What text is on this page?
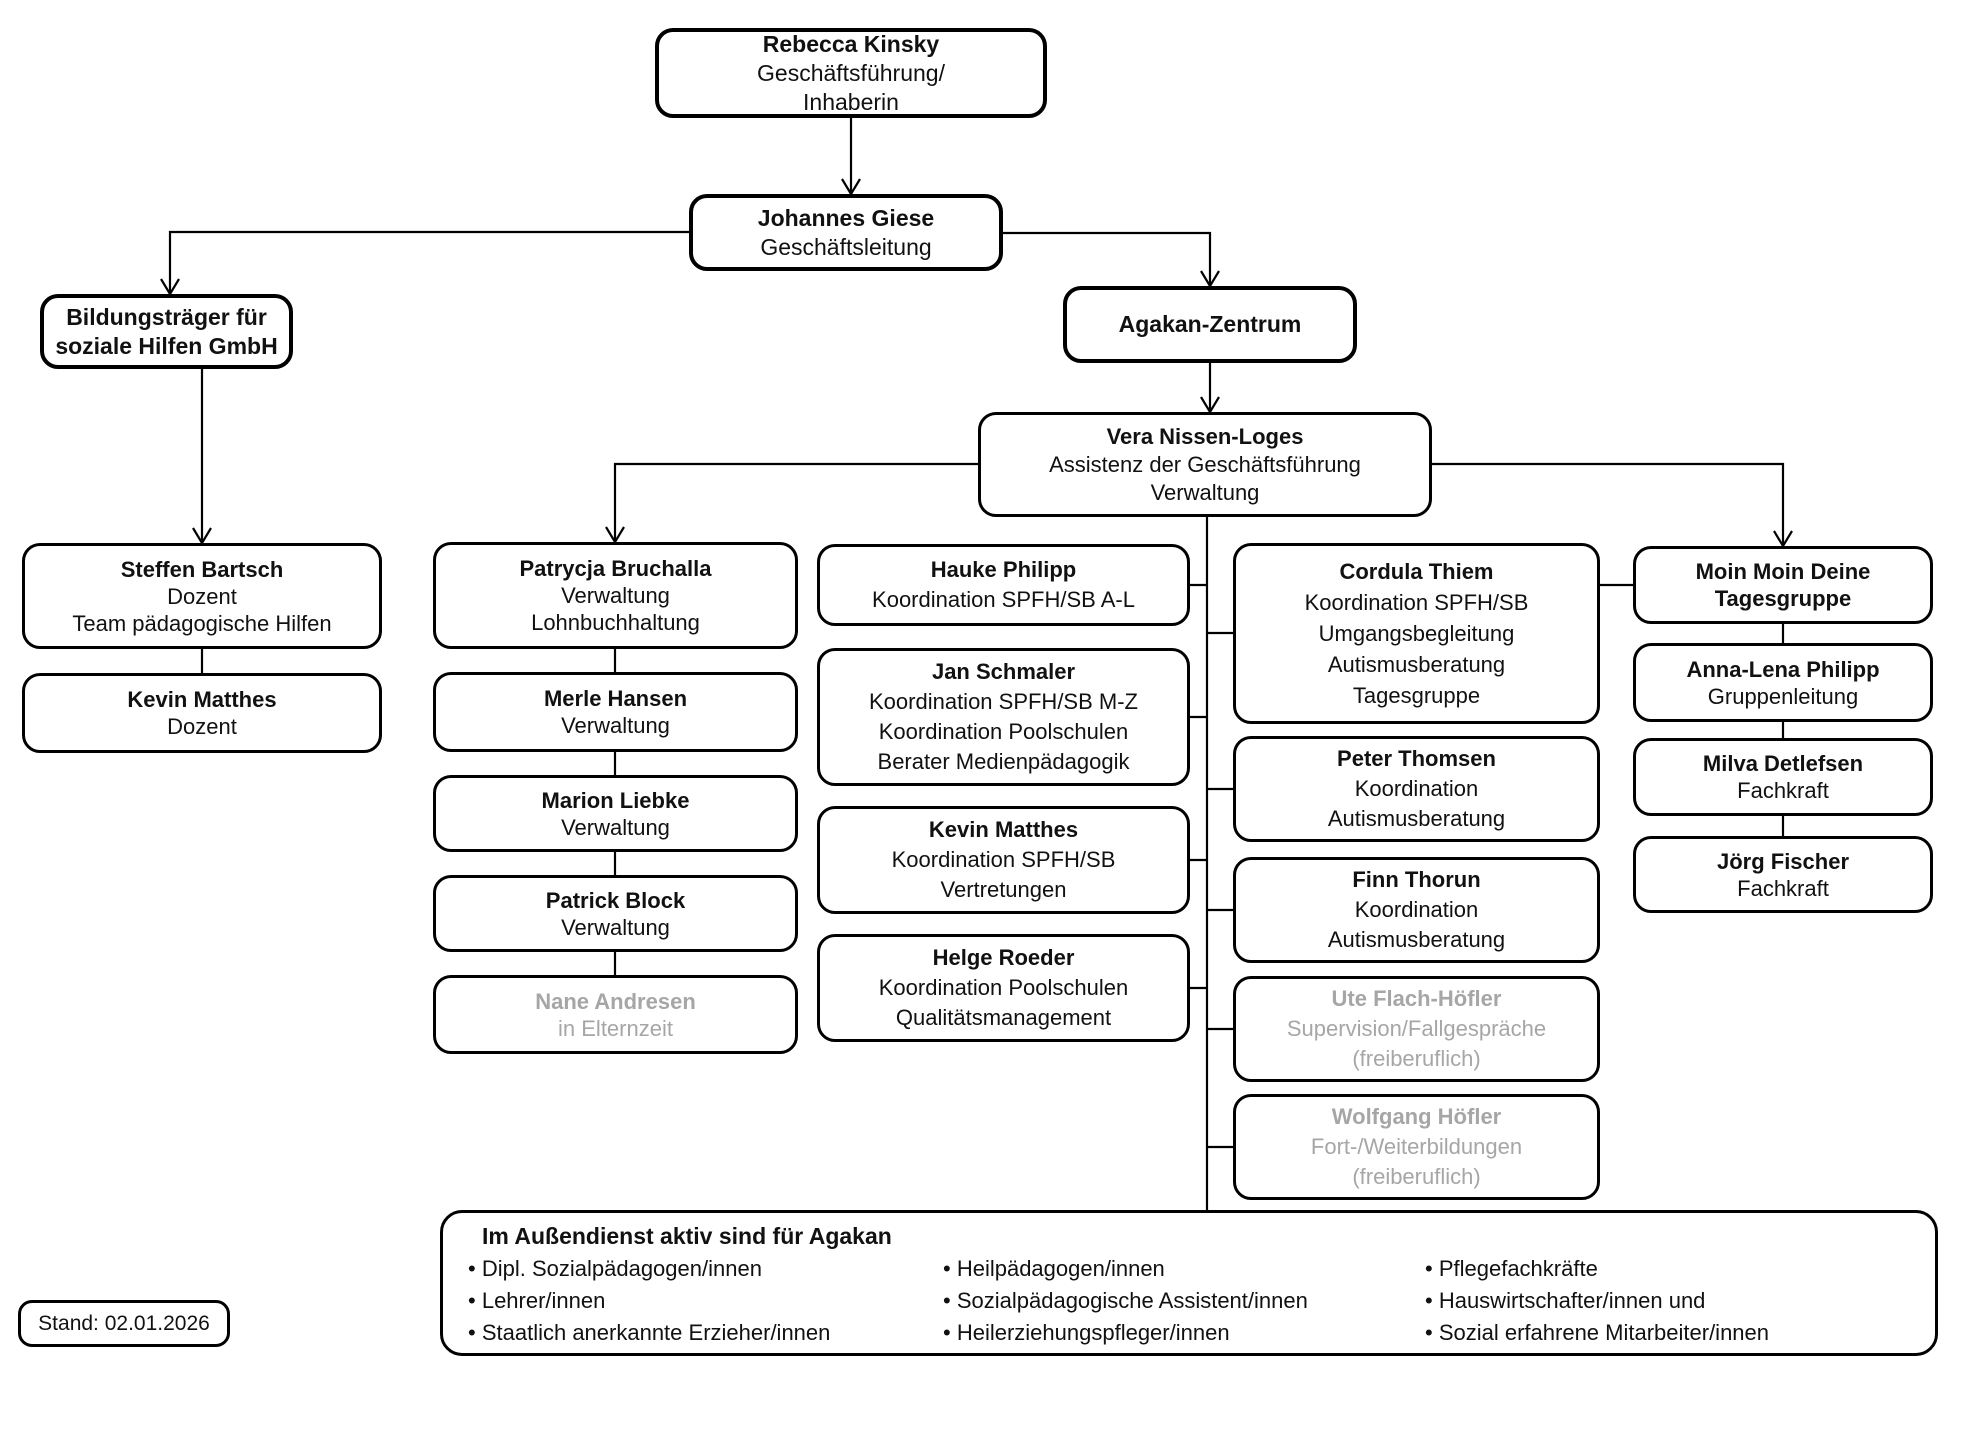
Rebecca Kinsky
Geschäftsführung/
Inhaberin
Johannes Giese
Geschäftsleitung
Bildungsträger für
soziale Hilfen GmbH
Agakan-Zentrum
Vera Nissen-Loges
Assistenz der Geschäftsführung
Verwaltung
Steffen Bartsch
Dozent
Team pädagogische Hilfen
Kevin Matthes
Dozent
Patrycja Bruchalla
Verwaltung
Lohnbuchhaltung
Merle Hansen
Verwaltung
Marion Liebke
Verwaltung
Patrick Block
Verwaltung
Nane Andresen
in Elternzeit
Hauke Philipp
Koordination SPFH/SB A-L
Jan Schmaler
Koordination SPFH/SB M-Z
Koordination Poolschulen
Berater Medienpädagogik
Kevin Matthes
Koordination SPFH/SB
Vertretungen
Helge Roeder
Koordination Poolschulen
Qualitätsmanagement
Cordula Thiem
Koordination SPFH/SB
Umgangsbegleitung
Autismusberatung
Tagesgruppe
Peter Thomsen
Koordination
Autismusberatung
Finn Thorun
Koordination
Autismusberatung
Ute Flach-Höfler
Supervision/Fallgespräche
(freiberuflich)
Wolfgang Höfler
Fort-/Weiterbildungen
(freiberuflich)
Moin Moin Deine
Tagesgruppe
Anna-Lena Philipp
Gruppenleitung
Milva Detlefsen
Fachkraft
Jörg Fischer
Fachkraft
Im Außendienst aktiv sind für Agakan
• Dipl. Sozialpädagogen/innen
• Lehrer/innen
• Staatlich anerkannte Erzieher/innen
• Heilpädagogen/innen
• Sozialpädagogische Assistent/innen
• Heilerziehungspfleger/innen
• Pflegefachkräfte
• Hauswirtschafter/innen und
• Sozial erfahrene Mitarbeiter/innen
Stand: 02.01.2026
